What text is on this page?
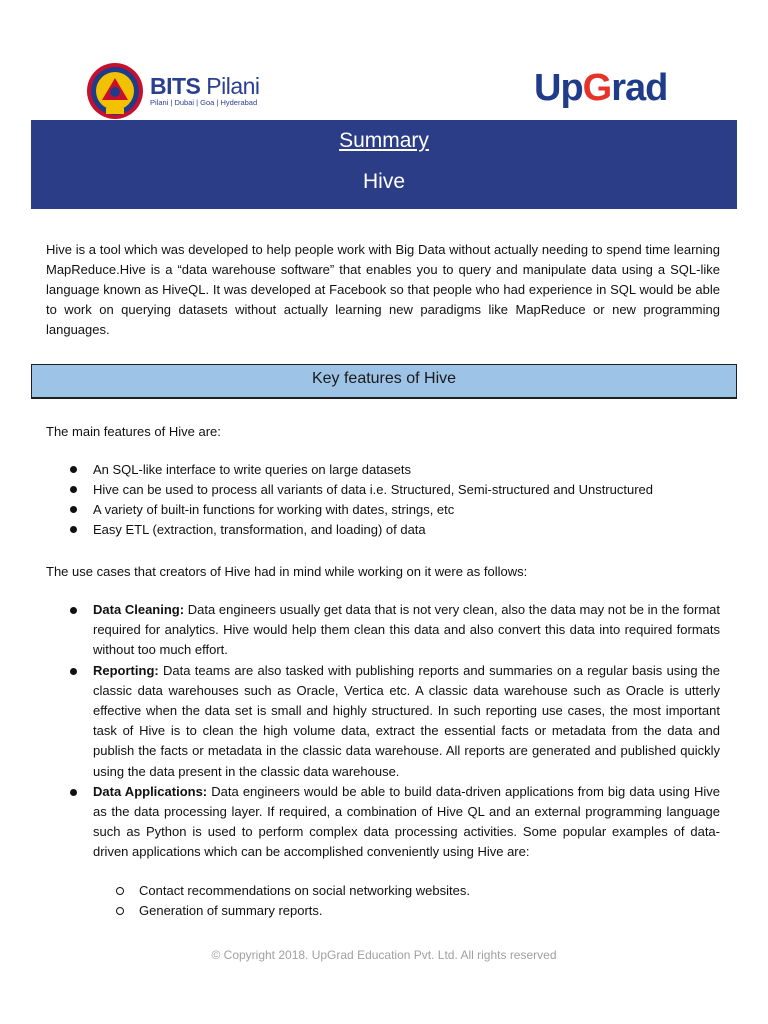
BITS Pilani
Pilani | Dubai | Goa | Hyderabad	UpGrad
Summary
Hive
Hive is a tool which was developed to help people work with Big Data without actually needing to spend time learning MapReduce.Hive is a “data warehouse software” that enables you to query and manipulate data using a SQL-like language known as HiveQL. It was developed at Facebook so that people who had experience in SQL would be able to work on querying datasets without actually learning new paradigms like MapReduce or new programming languages.
Key features of Hive
The main features of Hive are:
An SQL-like interface to write queries on large datasets
Hive can be used to process all variants of data i.e. Structured, Semi-structured and Unstructured
A variety of built-in functions for working with dates, strings, etc
Easy ETL (extraction, transformation, and loading) of data
The use cases that creators of Hive had in mind while working on it were as follows:

Data Cleaning: Data engineers usually get data that is not very clean, also the data may not be in the format required for analytics. Hive would help them clean this data and also convert this data into required formats without too much effort.

Reporting: Data teams are also tasked with publishing reports and summaries on a regular basis using the classic data warehouses such as Oracle, Vertica etc. A classic data warehouse such as Oracle is utterly effective when the data set is small and highly structured. In such reporting use cases, the most important task of Hive is to clean the high volume data, extract the essential facts or metadata from the data and publish the facts or metadata in the classic data warehouse. All reports are generated and published quickly using the data present in the classic data warehouse.

Data Applications: Data engineers would be able to build data-driven applications from big data using Hive as the data processing layer. If required, a combination of Hive QL and an external programming language such as Python is used to perform complex data processing activities. Some popular examples of data-driven applications which can be accomplished conveniently using Hive are:

Contact recommendations on social networking websites.
Generation of summary reports.
© Copyright 2018. UpGrad Education Pvt. Ltd. All rights reserved
